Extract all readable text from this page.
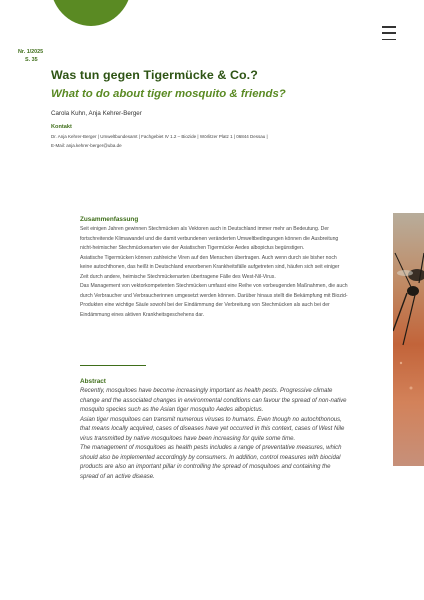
Nr. 1/2025
S. 35
Was tun gegen Tigermücke & Co.?
What to do about tiger mosquito & friends?
Carola Kuhn, Anja Kehrer-Berger
Kontakt
Dr. Anja Kehrer-Berger | Umweltbundesamt | Fachgebiet IV 1.2 – Biozide | Wörlitzer Platz 1 | 06844 Dessau |
E-Mail: anja.kehrer-berger@uba.de
Zusammenfassung

Seit einigen Jahren gewinnen Stechmücken als Vektoren auch in Deutschland immer mehr an Bedeutung. Der fortschreitende Klimawandel und die damit verbundenen veränderten Umweltbedingungen können die Ausbreitung nicht-heimischer Stechmückenarten wie der Asiatischen Tigermücke Aedes albopictus begünstigen.

Asiatische Tigermücken können zahlreiche Viren auf den Menschen übertragen. Auch wenn durch sie bisher noch keine autochthonen, das heißt in Deutschland erworbenen Krankheitsfälle aufgetreten sind, häufen sich seit einiger Zeit durch andere, heimische Stechmückenarten übertragene Fälle des West-Nil-Virus.

Das Management von vektorkompetenten Stechmücken umfasst eine Reihe von vorbeugenden Maßnahmen, die auch durch Verbraucher und Verbraucherinnen umgesetzt werden können. Darüber hinaus stellt die Bekämpfung mit Biozid-Produkten eine wichtige Säule sowohl bei der Eindämmung der Verbreitung von Stechmücken als auch bei der Eindämmung eines aktiven Krankheitsgeschehens dar.

Abstract

Recently, mosquitoes have become increasingly important as health pests. Progressive climate change and the associated changes in environmental conditions can favour the spread of non-native mosquito species such as the Asian tiger mosquito Aedes albopictus.

Asian tiger mosquitoes can transmit numerous viruses to humans. Even though no autochthonous, that means locally acquired, cases of diseases have yet occurred in this context, cases of West Nile virus transmitted by native mosquitoes have been increasing for quite some time.

The management of mosquitoes as health pests includes a range of preventative measures, which should also be implemented accordingly by consumers. In addition, control measures with biocidal products are also an important pillar in controlling the spread of mosquitoes and containing the spread of an active disease.
